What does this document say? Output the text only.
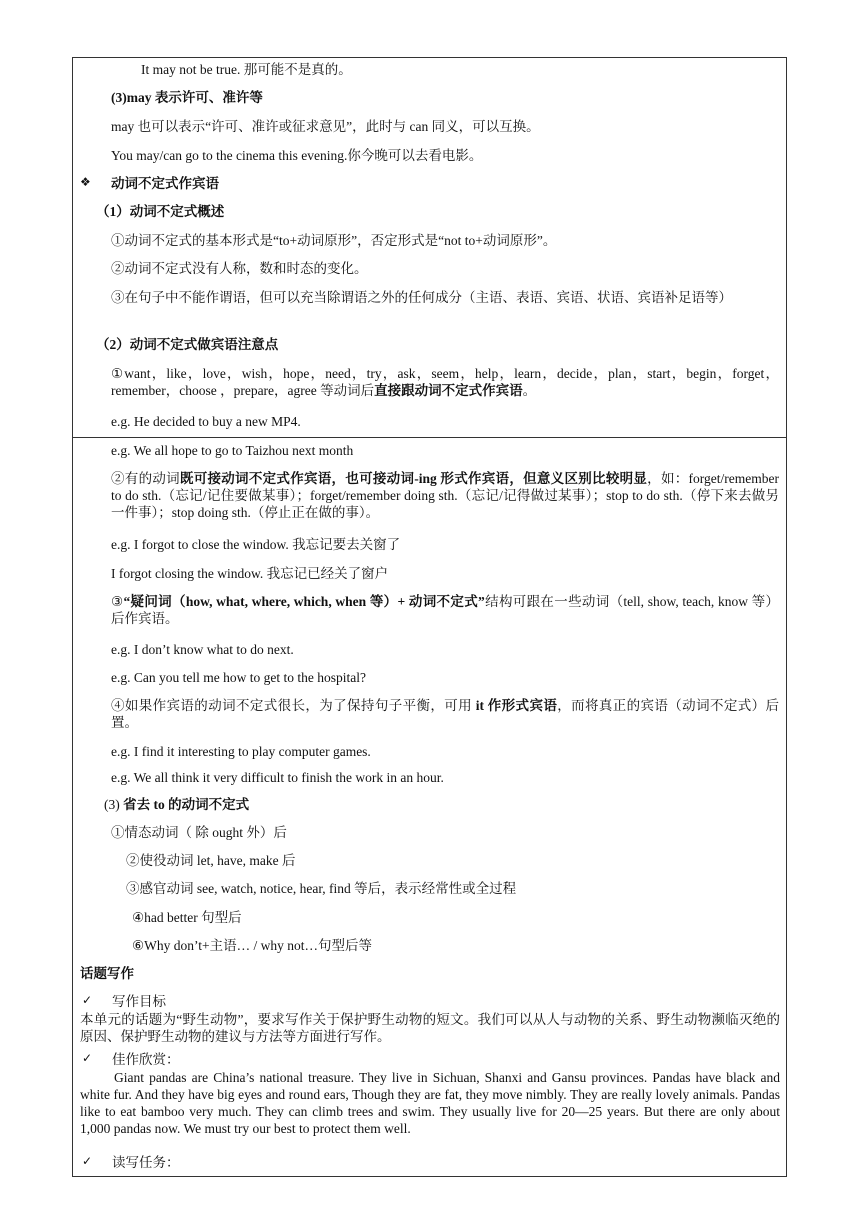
It may not be true. 那可能不是真的。
(3)may 表示许可、准许等
may 也可以表示“许可、准许或征求意见”，此时与 can 同义，可以互换。
You may/can go to the cinema this evening.你今晚可以去看电影。
❖ 动词不定式作宾语
（1）动词不定式概述
①动词不定式的基本形式是“to+动词原形”，否定形式是“not to+动词原形”。
②动词不定式没有人称，数和时态的变化。
③在句子中不能作谓语，但可以充当除谓语之外的任何成分（主语、表语、宾语、状语、宾语补足语等）
（2）动词不定式做宾语注意点
①want，like，love，wish，hope，need，try，ask，seem，help，learn，decide，plan，start，begin，forget，remember，choose ，prepare，agree 等动词后直接跟动词不定式作宾语。
e.g. He decided to buy a new MP4.
e.g. We all hope to go to Taizhou next month
②有的动词既可接动词不定式作宾语，也可接动词-ing 形式作宾语，但意义区别比较明显，如：forget/remember to do sth.（忘记/记住要做某事）；forget/remember doing sth.（忘记/记得做过某事）；stop to do sth.（停下来去做另一件事）；stop doing sth.（停止正在做的事）。
e.g. I forgot to close the window. 我忘记要去关窗了
I forgot closing the window. 我忘记已经关了窗户
③“疑问词（how, what, where, which, when 等）+ 动词不定式”结构可跟在一些动词（tell, show, teach, know 等）后作宾语。
e.g. I don’t know what to do next.
e.g. Can you tell me how to get to the hospital?
④如果作宾语的动词不定式很长，为了保持句子平衡，可用 it 作形式宾语，而将真正的宾语（动词不定式）后置。
e.g. I find it interesting to play computer games.
e.g. We all think it very difficult to finish the work in an hour.
(3) 省去 to 的动词不定式
①情态动词（ 除 ought 外）后
②使役动词 let, have, make 后
③感官动词 see, watch, notice, hear, find 等后，表示经常性或全过程
④had better 句型后
⑥Why don’t+主语… / why not…句型后等
话题写作
✓ 写作目标
本单元的话题为“野生动物”，要求写作关于保护野生动物的短文。我们可以从人与动物的关系、野生动物濒临灭绝的原因、保护野生动物的建议与方法等方面进行写作。
✓ 佳作欣赏：
Giant pandas are China’s national treasure. They live in Sichuan, Shanxi and Gansu provinces. Pandas have black and white fur. And they have big eyes and round ears, Though they are fat, they move nimbly. They are really lovely animals. Pandas like to eat bamboo very much. They can climb trees and swim. They usually live for 20—25 years. But there are only about 1,000 pandas now. We must try our best to protect them well.
✓ 读写任务：
